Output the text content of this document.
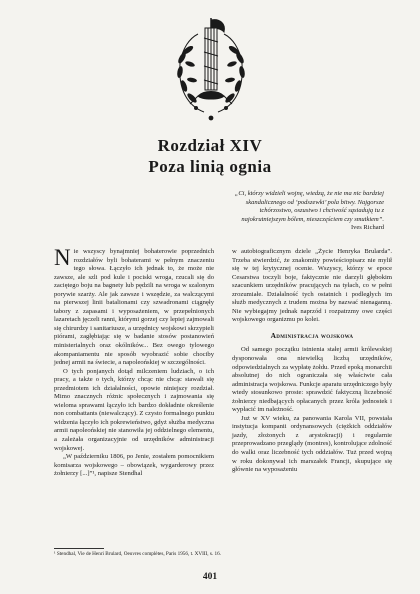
Rozdział XIV
Poza linią ognia
„Ci, którzy widzieli wojnę, wiedzą, że nie ma nic bardziej skandalicznego od ‘podszewki’ pola bitwy. Najgorsze tchórzostwo, oszustwo i chciwość sąsiadują tu z najokrutniejszym bólem, nieszczęściem czy smutkiem”.
Ives Richard

Nie wszyscy bynajmniej bohaterowie poprzednich rozdziałów byli bohaterami w pełnym znaczeniu tego słowa. Łączyło ich jednak to, że może nie zawsze, ale szli pod kule i pociski wroga, rzucali się do zaciętego boju na bagnety lub pędzili na wroga w szalonym porywie szarży. Ale jak zawsze i wszędzie, za walczącymi na pierwszej linii batalionami czy szwadronami ciągnęły tabory z zapasami i wyposażeniem, w przepełnionych lazaretach jęczeli ranni, którymi gorzej czy lepiej zajmowali się chirurdzy i sanitariusze, a urzędnicy wojskowi skrzypieli piórami, zagłębiając się w badanie stosów postanowień ministerialnych oraz okólników... Bez owego tylowego akompaniamentu nie sposób wyobrazić sobie chociby jednej armii na świecie, a napoleońskiej w szczególności.

O tych ponjanych dotąd milczeniem ludziach, o ich pracy, a także o tych, którzy chcąc nie chcąc stawali się przedmiotem ich działalności, opowie niniejszy rozdział. Mimo znacznych różnic społecznych i zajmowania się wieloma sprawami łączyło ich bardzo dokładnie określenie non combattants (niewalczący). Z czysto formalnego punktu widzenia łączyło ich pokrewieństwo, gdyż służba medyczna armii napoleońskiej nie stanowiła jej oddzielnego elementu, a zależała organizacyjnie od urzędników administracji wojskowej.

„W październiku 1806, po Jenie, zostałem pomocnikiem komisarza wojskowego – obowiązek, wygarderowy przez żołnierzy [...]”¹, napisze Stendhal

w autobiograficznym dziele „Życie Henryka Brularda”. Trzeba stwierdzić, że znakomity powieściopisarz nie mylił się w tej krytycznej ocenie. Wszyscy, którzy w epoce Cesarstwa toczyli boje, faktycznie nie darzyli głębokim szacunkiem urzędników pracujących na tyłach, co w pełni zrozumiałe. Działalność tych ostatnich i podległych im służb medycznych z trudem można by nazwać nienaganną. Nie wybiegajmy jednak naprzód i rozpatrzmy owe części wojskowego organizmu po kolei.

Administracja wojskowa

Od samego początku istnienia stałej armii królewskiej dysponowała ona niewielką liczbą urzędników, odpowiedzialnych za wypłatę żołdu. Przed epoką monarchii absolutnej do nich ograniczała się właściwie cała administracja wojskowa. Funkcje aparatu urzędniczego były wtedy stosunkowo proste: sprawdzić faktyczną liczebność żołnierzy niedbających opłacanych przez króla jednostek i wypłacić im należność.

Już w XV wieku, za panowania Karola VII, powstała instytucja kompanii ordynansowych (ciężkich oddziałów jazdy, złożonych z arystokracji) i regularnie przeprowadzano przeglądy (montres), kontrolujące zdolność do walki oraz liczebność tych oddziałów. Tuż przed wojną w roku dokonywał ich marszałek Francji, skupujące się głównie na wyposażeniu

¹ Stendhal, Vie de Henri Brulard, Oeuvres complètes, Paris 1956, t. XVIII, s. 16.
401
